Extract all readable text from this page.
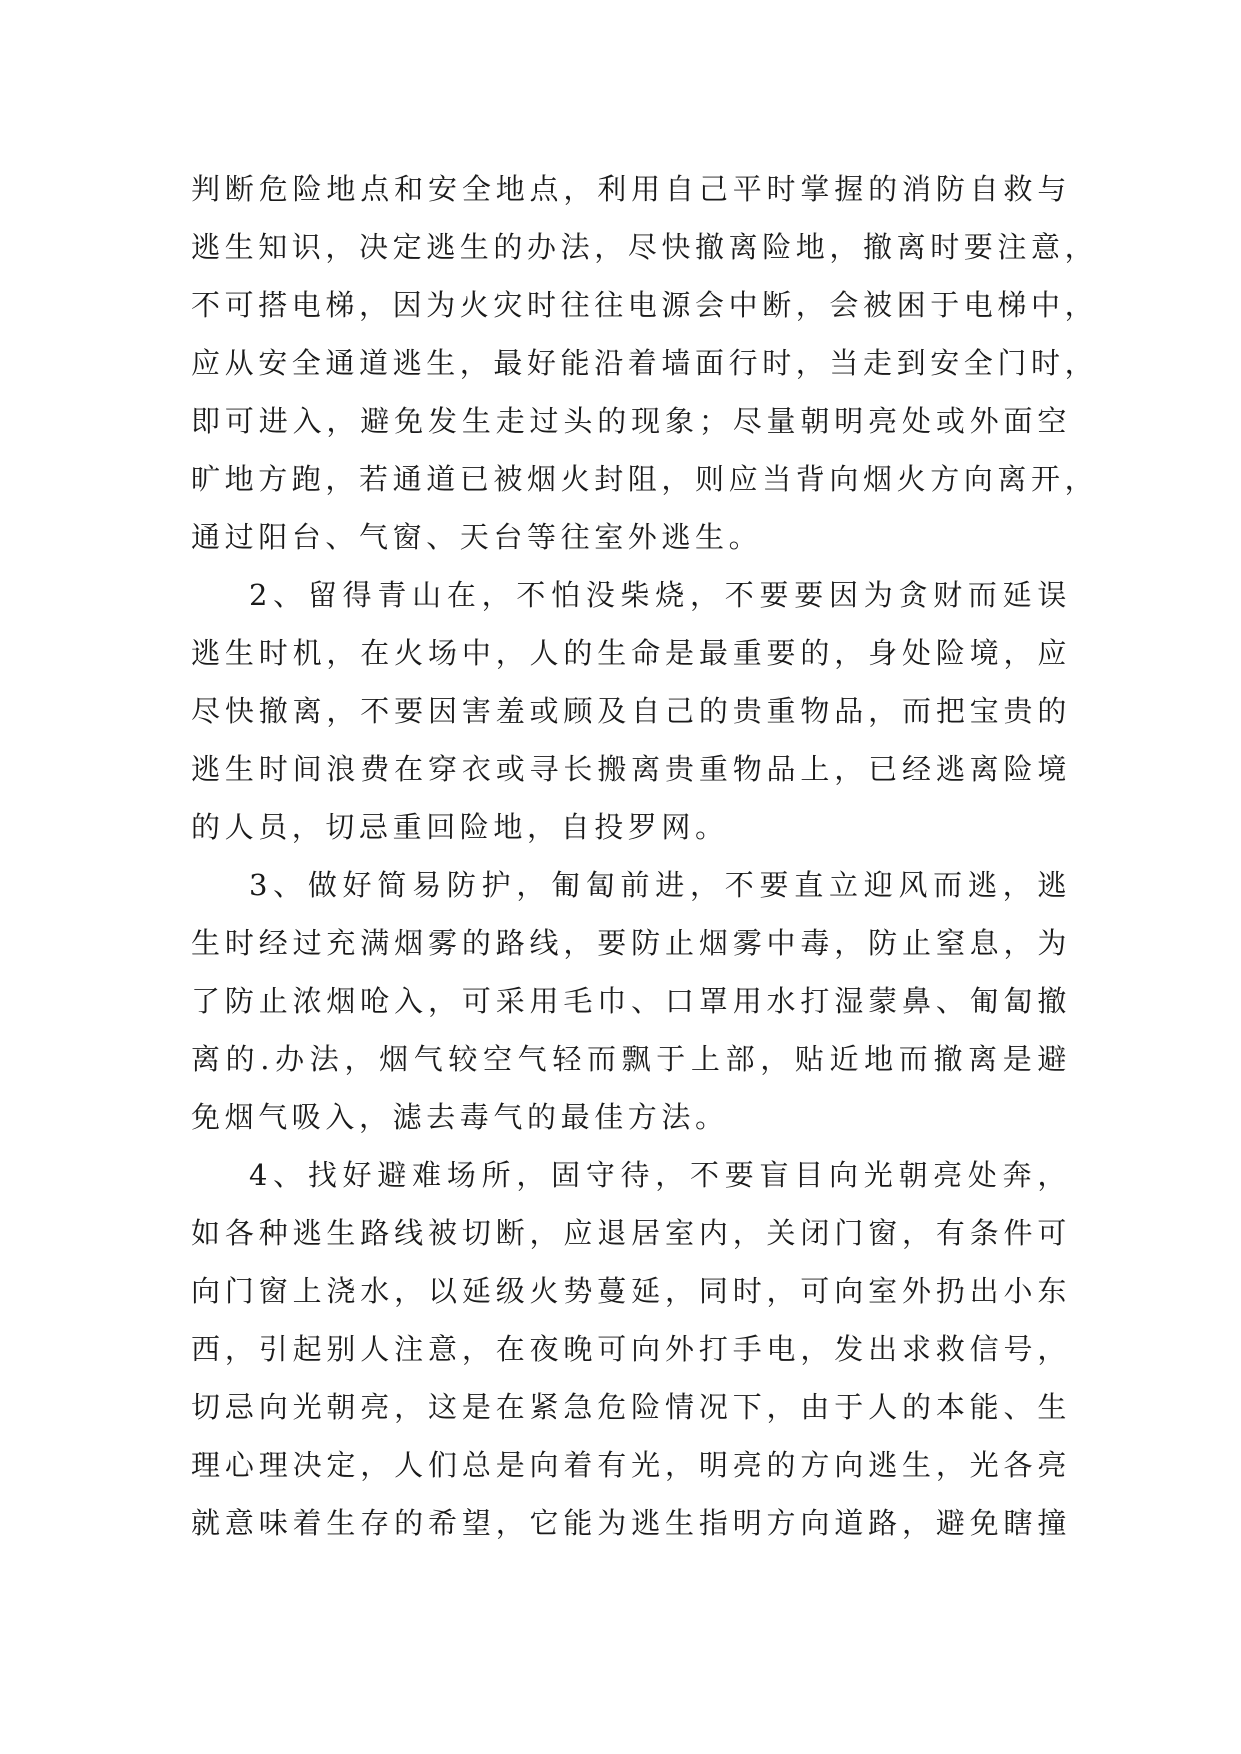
判断危险地点和安全地点，利用自己平时掌握的消防自救与
逃生知识，决定逃生的办法，尽快撤离险地，撤离时要注意，
不可搭电梯，因为火灾时往往电源会中断，会被困于电梯中，
应从安全通道逃生，最好能沿着墙面行时，当走到安全门时，
即可进入，避免发生走过头的现象；尽量朝明亮处或外面空
旷地方跑，若通道已被烟火封阻，则应当背向烟火方向离开，
通过阳台、气窗、天台等往室外逃生。
2、留得青山在，不怕没柴烧，不要要因为贪财而延误
逃生时机，在火场中，人的生命是最重要的，身处险境，应
尽快撤离，不要因害羞或顾及自己的贵重物品，而把宝贵的
逃生时间浪费在穿衣或寻长搬离贵重物品上，已经逃离险境
的人员，切忌重回险地，自投罗网。
3、做好简易防护，匍匐前进，不要直立迎风而逃，逃
生时经过充满烟雾的路线，要防止烟雾中毒，防止窒息，为
了防止浓烟呛入，可采用毛巾、口罩用水打湿蒙鼻、匍匐撤
离的.办法，烟气较空气轻而飘于上部，贴近地而撤离是避
免烟气吸入，滤去毒气的最佳方法。
4、找好避难场所，固守待，不要盲目向光朝亮处奔，
如各种逃生路线被切断，应退居室内，关闭门窗，有条件可
向门窗上浇水，以延级火势蔓延，同时，可向室外扔出小东
西，引起别人注意，在夜晚可向外打手电，发出求救信号，
切忌向光朝亮，这是在紧急危险情况下，由于人的本能、生
理心理决定，人们总是向着有光，明亮的方向逃生，光各亮
就意味着生存的希望，它能为逃生指明方向道路，避免瞎撞
